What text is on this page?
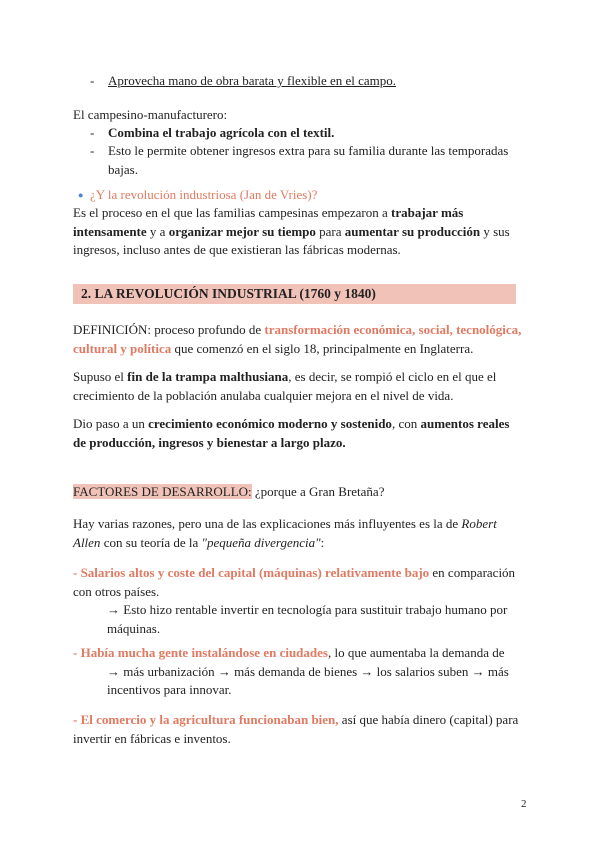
- Aprovecha mano de obra barata y flexible en el campo.
El campesino-manufacturero:
- Combina el trabajo agrícola con el textil.
- Esto le permite obtener ingresos extra para su familia durante las temporadas bajas.
● ¿Y la revolución industriosa (Jan de Vries)?
Es el proceso en el que las familias campesinas empezaron a trabajar más intensamente y a organizar mejor su tiempo para aumentar su producción y sus ingresos, incluso antes de que existieran las fábricas modernas.
2. LA REVOLUCIÓN INDUSTRIAL (1760 y 1840)
DEFINICIÓN: proceso profundo de transformación económica, social, tecnológica, cultural y política que comenzó en el siglo 18, principalmente en Inglaterra.
Supuso el fin de la trampa malthusiana, es decir, se rompió el ciclo en el que el crecimiento de la población anulaba cualquier mejora en el nivel de vida.
Dio paso a un crecimiento económico moderno y sostenido, con aumentos reales de producción, ingresos y bienestar a largo plazo.
FACTORES DE DESARROLLO: ¿porque a Gran Bretaña?
Hay varias razones, pero una de las explicaciones más influyentes es la de Robert Allen con su teoría de la "pequeña divergencia":
- Salarios altos y coste del capital (máquinas) relativamente bajo en comparación con otros países.
→ Esto hizo rentable invertir en tecnología para sustituir trabajo humano por máquinas.
- Había mucha gente instalándose en ciudades, lo que aumentaba la demanda de
→ más urbanización → más demanda de bienes → los salarios suben → más incentivos para innovar.
- El comercio y la agricultura funcionaban bien, así que había dinero (capital) para invertir en fábricas e inventos.
2
